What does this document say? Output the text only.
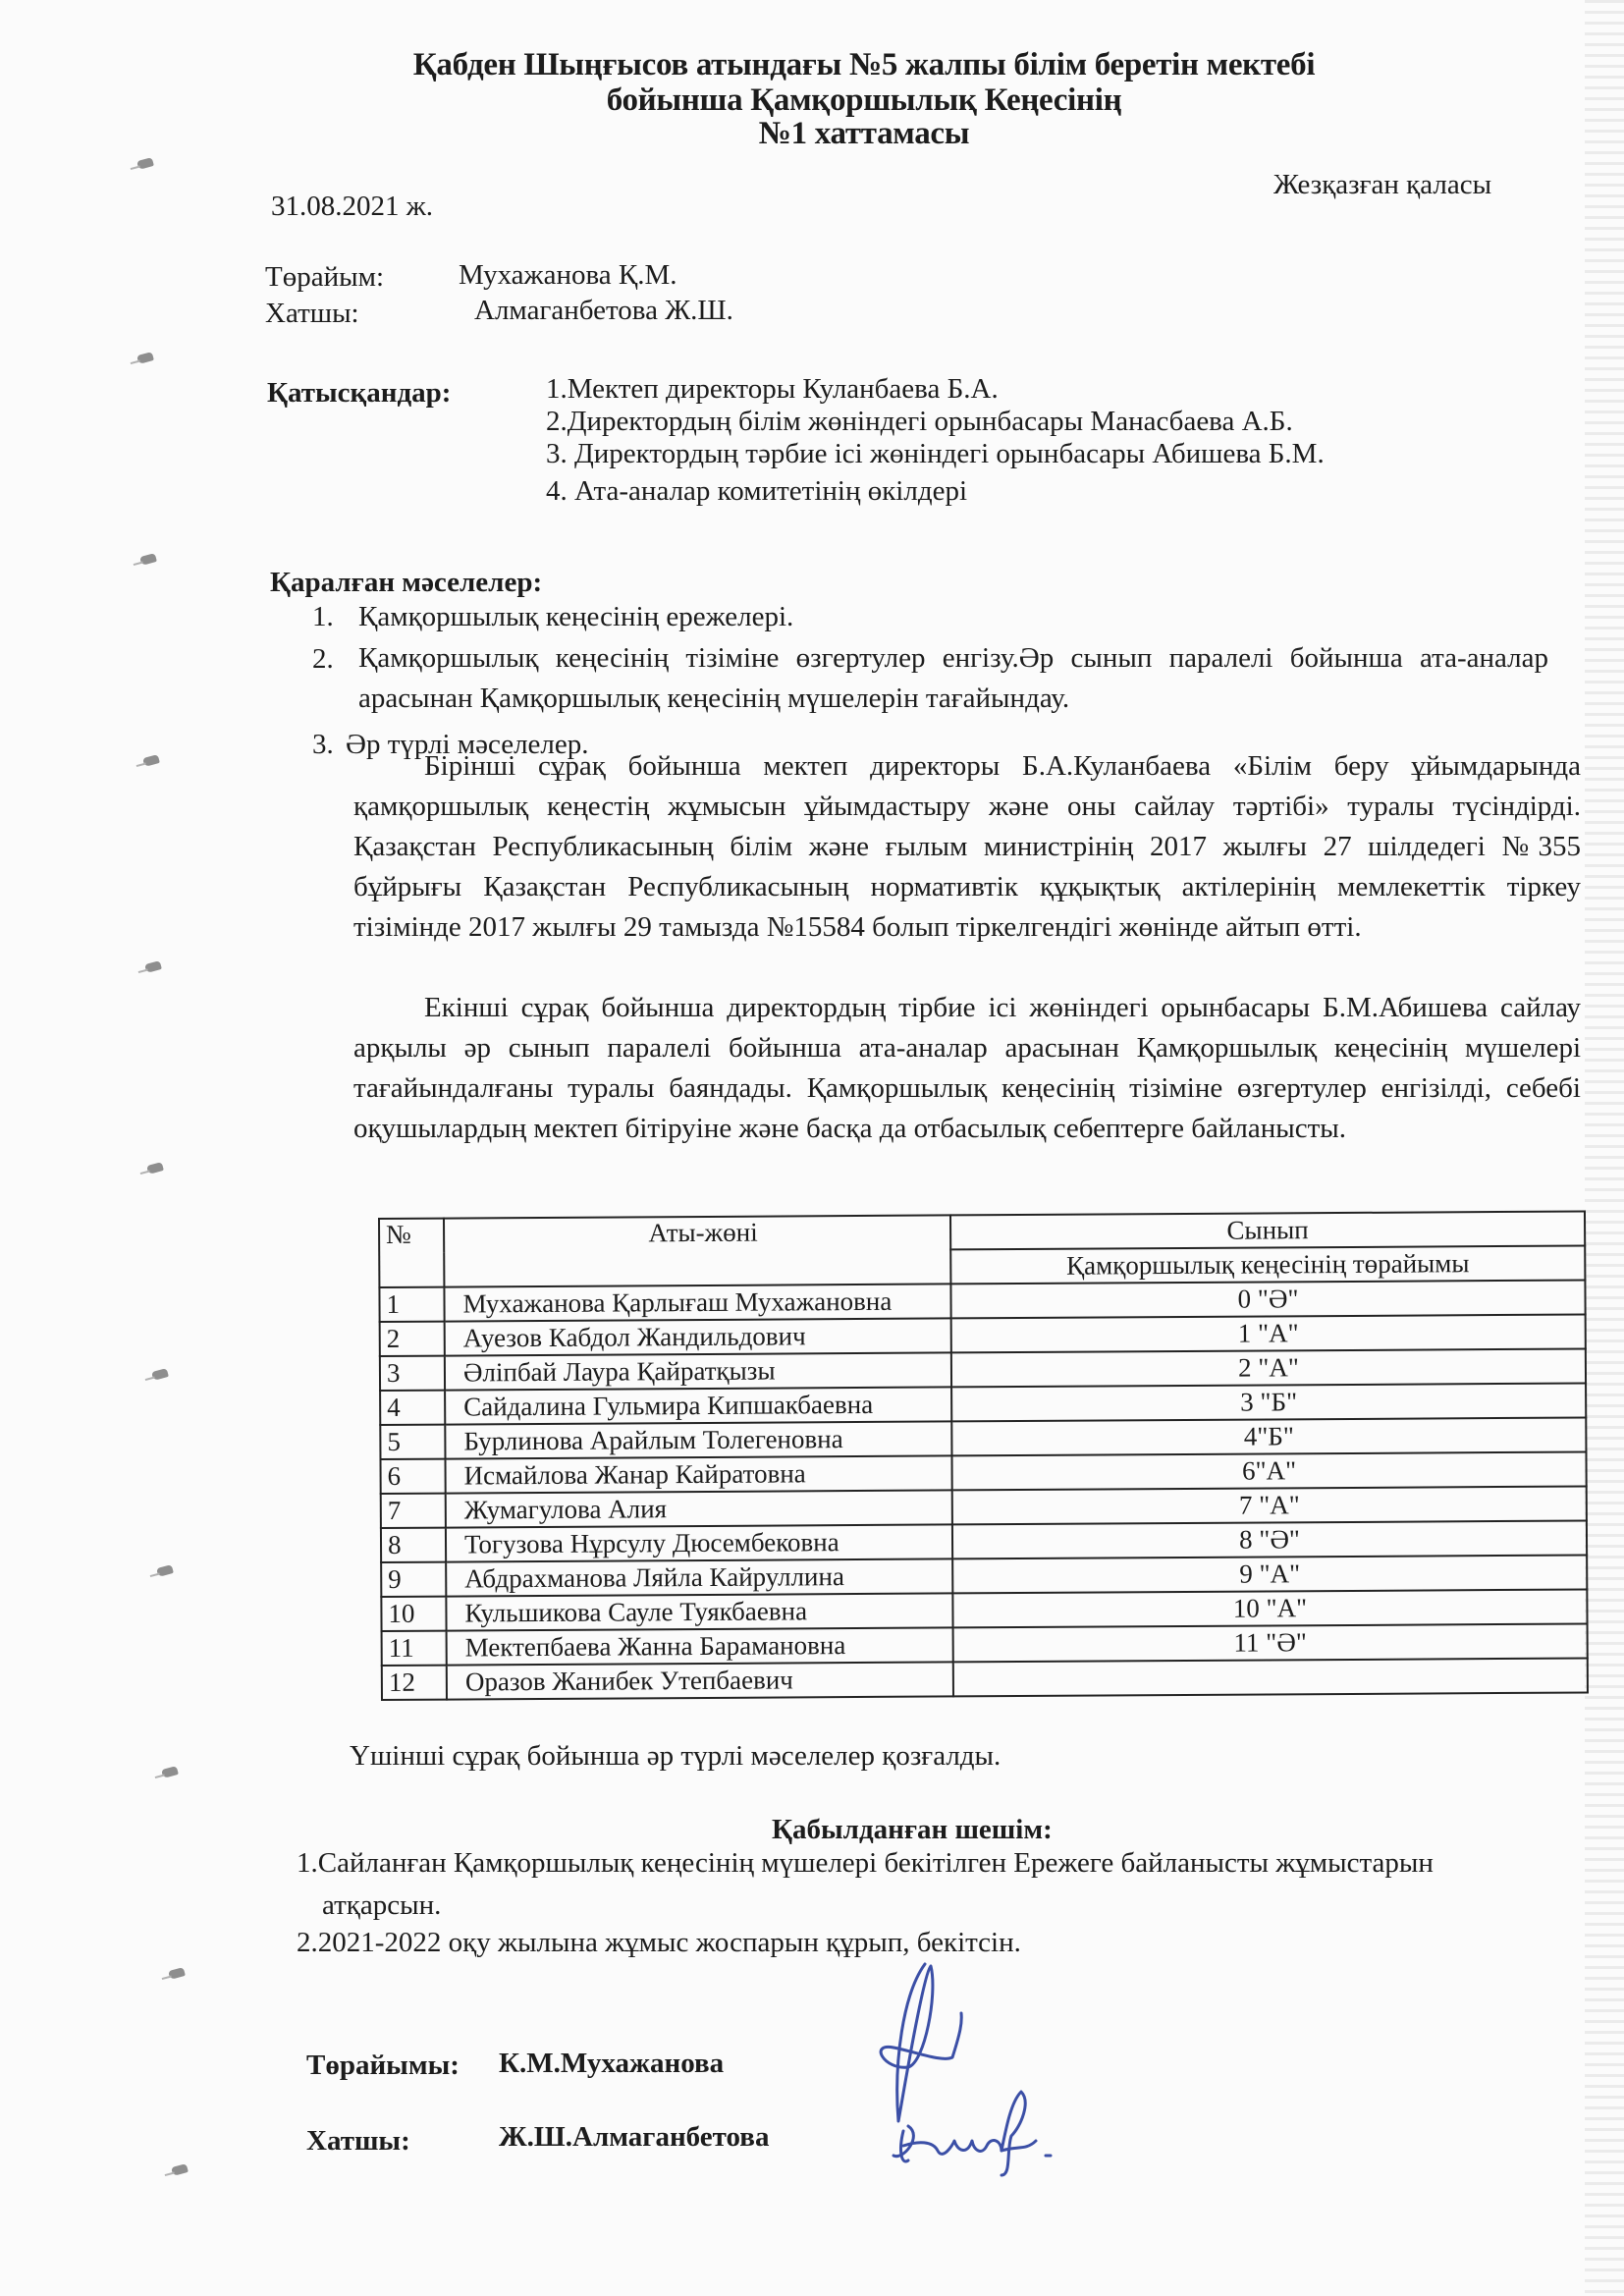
Қабден Шыңғысов атындағы №5 жалпы білім беретін мектебі
бойынша Қамқоршылық Кеңесінің
№1 хаттамасы
31.08.2021 ж.
Жезқазған қаласы
Төрайым:	Мухажанова Қ.М.
Хатшы:	Алмаганбетова Ж.Ш.
Қатысқандар:	1.Мектеп директоры Куланбаева Б.А.
2.Директордың білім жөніндегі орынбасары Манасбаева А.Б.
3. Директордың тәрбие ісі жөніндегі орынбасары Абишева Б.М.
4. Ата-аналар комитетінің өкілдері
Қаралған мәселелер:
1. Қамқоршылық кеңесінің ережелері.
2. Қамқоршылық кеңесінің тізіміне өзгертулер енгізу.Әр сынып паралелі бойынша ата-аналар арасынан Қамқоршылық кеңесінің мүшелерін тағайындау.

3. Әр түрлі мәселелер.

Бірінші сұрақ бойынша мектеп директоры Б.А.Куланбаева «Білім беру ұйымдарында қамқоршылық кеңестің жұмысын ұйымдастыру және оны сайлау тәртібі» туралы түсіндірді. Қазақстан Республикасының білім және ғылым министрінің 2017 жылғы 27 шілдедегі №355 бұйрығы Қазақстан Республикасының нормативтік құқықтық актілерінің мемлекеттік тіркеу тізімінде 2017 жылғы 29 тамызда №15584 болып тіркелгендігі жөнінде айтып өтті.

Екінші сұрақ бойынша директордың тірбие ісі жөніндегі орынбасары Б.М.Абишева сайлау арқылы әр сынып паралелі бойынша ата-аналар арасынан Қамқоршылық кеңесінің мүшелері тағайындалғаны туралы баяндады. Қамқоршылық кеңесінің тізіміне өзгертулер енгізілді, себебі оқушылардың мектеп бітіруіне және басқа да отбасылық себептерге байланысты.

№	Аты-жөні	Сынып
		Қамқоршылық кеңесінің төрайымы
1	Мухажанова Қарлығаш Мухажановна	0 "Ә"
2	Ауезов Кабдол Жандильдович	1 "А"
3	Әліпбай Лаура Қайратқызы	2 "А"
4	Сайдалина Гульмира Кипшакбаевна	3 "Б"
5	Бурлинова Арайлым Толегеновна	4"Б"
6	Исмайлова Жанар Кайратовна	6"А"
7	Жумагулова Алия	7 "А"
8	Тогузова Нұрсулу Дюсембековна	8 "Ә"
9	Абдрахманова Ляйла Кайруллина	9 "А"
10	Кульшикова Сауле Туякбаевна	10 "А"
11	Мектепбаева Жанна Барамановна	11 "Ә"
12	Оразов Жанибек Утепбаевич	
Үшінші сұрақ бойынша әр түрлі мәселелер қозғалды.
Қабылданған шешім:

1.Сайланған Қамқоршылық кеңесінің мүшелері бекітілген Ережеге байланысты жұмыстарын атқарсын.

2.2021-2022 оқу жылына жұмыс жоспарын құрып, бекітсін.
Төрайымы: К.М.Мухажанова
Хатшы:	Ж.Ш.Алмаганбетова
